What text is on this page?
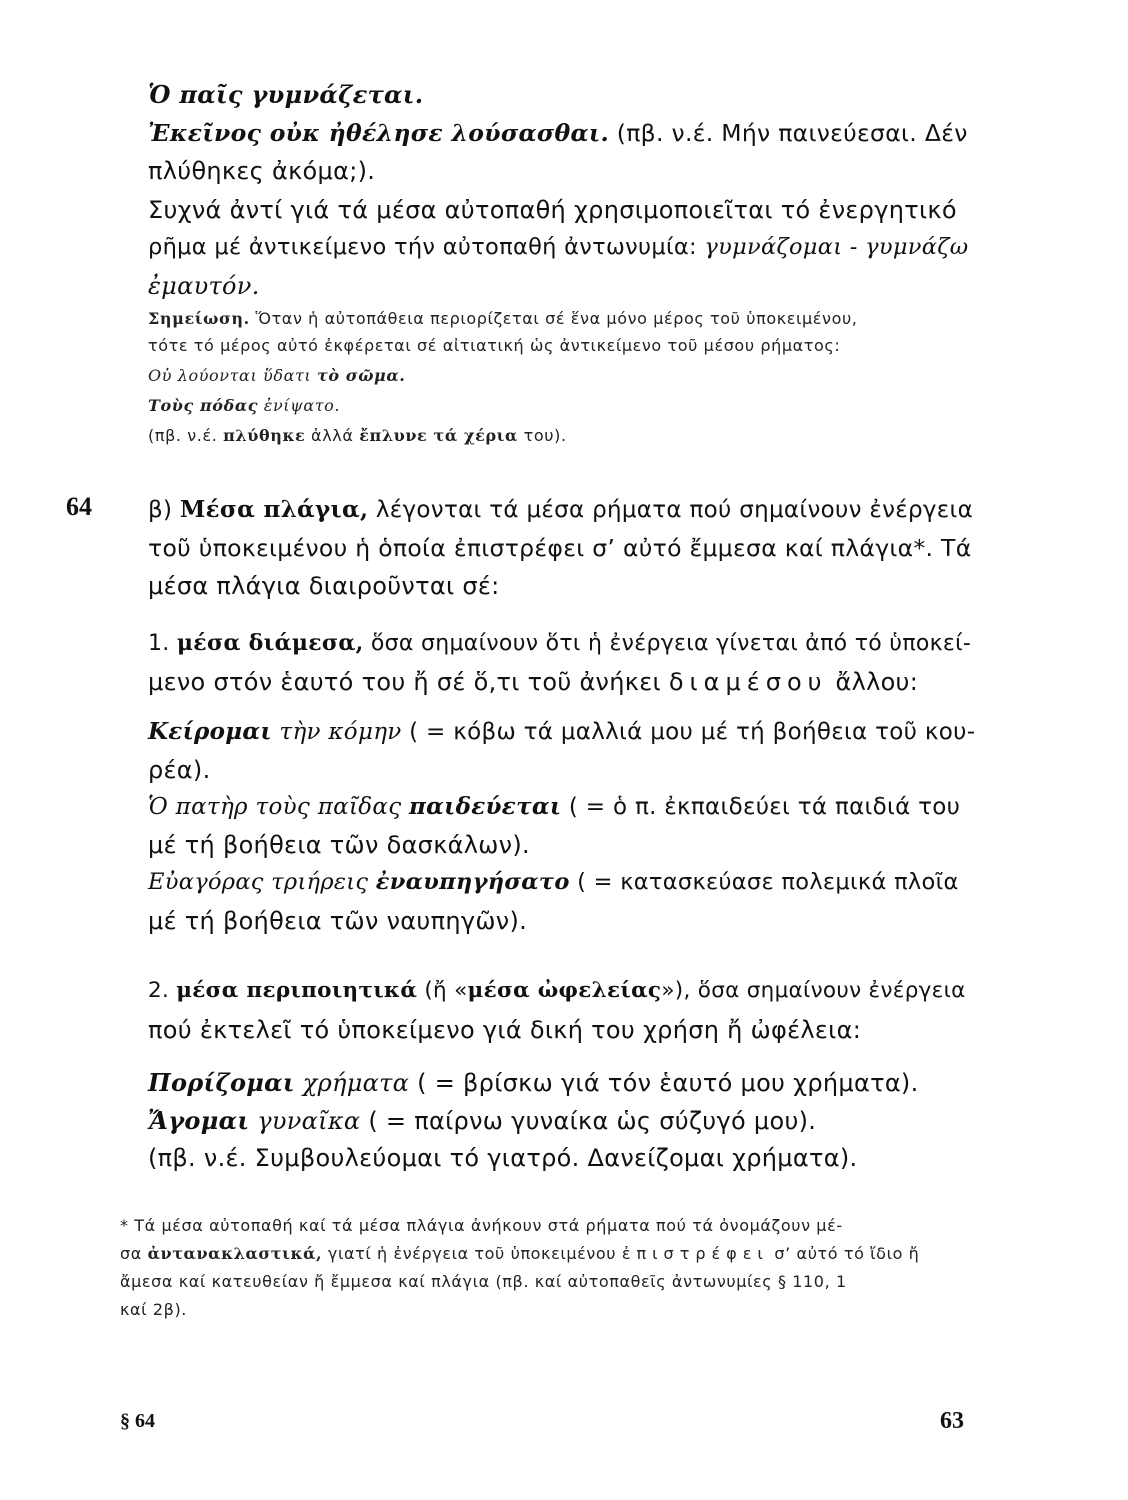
Ὁ παῖς γυμνάζεται.
Ἐκεῖνος οὐκ ἠθέλησε λούσασθαι. (πβ. ν.έ. Μήν παινεύεσαι. Δέν
πλύθηκες ἀκόμα;).
Συχνά ἀντί γιά τά μέσα αὐτοπαθή χρησιμοποιεῖται τό ἐνεργητικό
ρῆμα μέ ἀντικείμενο τήν αὐτοπαθή ἀντωνυμία: γυμνάζομαι - γυμνάζω
ἐμαυτόν.
Σημείωση. Ὅταν ἡ αὐτοπάθεια περιορίζεται σέ ἕνα μόνο μέρος τοῦ ὑποκειμένου,
τότε τό μέρος αὐτό ἐκφέρεται σέ αἰτιατική ὡς ἀντικείμενο τοῦ μέσου ρήματος:
Οὐ λούονται ὕδατι τὸ σῶμα.
Τοὺς πόδας ἐνίψατο.
(πβ. ν.έ. πλύθηκε ἀλλά ἔπλυνε τά χέρια του).
64 β) Μέσα πλάγια, λέγονται τά μέσα ρήματα πού σημαίνουν ἐνέργεια
τοῦ ὑποκειμένου ἡ ὁποία ἐπιστρέφει σ’ αὐτό ἔμμεσα καί πλάγια*. Τά
μέσα πλάγια διαιροῦνται σέ:
1. μέσα διάμεσα, ὅσα σημαίνουν ὅτι ἡ ἐνέργεια γίνεται ἀπό τό ὑποκεί-
μενο στόν ἑαυτό του ἤ σέ ὅ,τι τοῦ ἀνήκει διαμέσου ἄλλου:
Κείρομαι τὴν κόμην ( = κόβω τά μαλλιά μου μέ τή βοήθεια τοῦ κου-
ρέα).
Ὁ πατὴρ τοὺς παῖδας παιδεύεται ( = ὁ π. ἐκπαιδεύει τά παιδιά του
μέ τή βοήθεια τῶν δασκάλων).
Εὐαγόρας τριήρεις ἐναυπηγήσατο ( = κατασκεύασε πολεμικά πλοῖα
μέ τή βοήθεια τῶν ναυπηγῶν).
2. μέσα περιποιητικά (ἤ «μέσα ὠφελείας»), ὅσα σημαίνουν ἐνέργεια
πού ἐκτελεῖ τό ὑποκείμενο γιά δική του χρήση ἤ ὠφέλεια:
Πορίζομαι χρήματα ( = βρίσκω γιά τόν ἑαυτό μου χρήματα).
Ἄγομαι γυναῖκα ( = παίρνω γυναίκα ὡς σύζυγό μου).
(πβ. ν.έ. Συμβουλεύομαι τό γιατρό. Δανείζομαι χρήματα).
* Τά μέσα αὐτοπαθή καί τά μέσα πλάγια ἀνήκουν στά ρήματα πού τά ὀνομάζουν μέ-
σα ἀντανακλαστικά, γιατί ἡ ἐνέργεια τοῦ ὑποκειμένου ἐπιστρέφει σ’ αὐτό τό ἴδιο ἤ
ἄμεσα καί κατευθείαν ἤ ἔμμεσα καί πλάγια (πβ. καί αὐτοπαθεῖς ἀντωνυμίες § 110, 1
καί 2β).
§ 64	63
